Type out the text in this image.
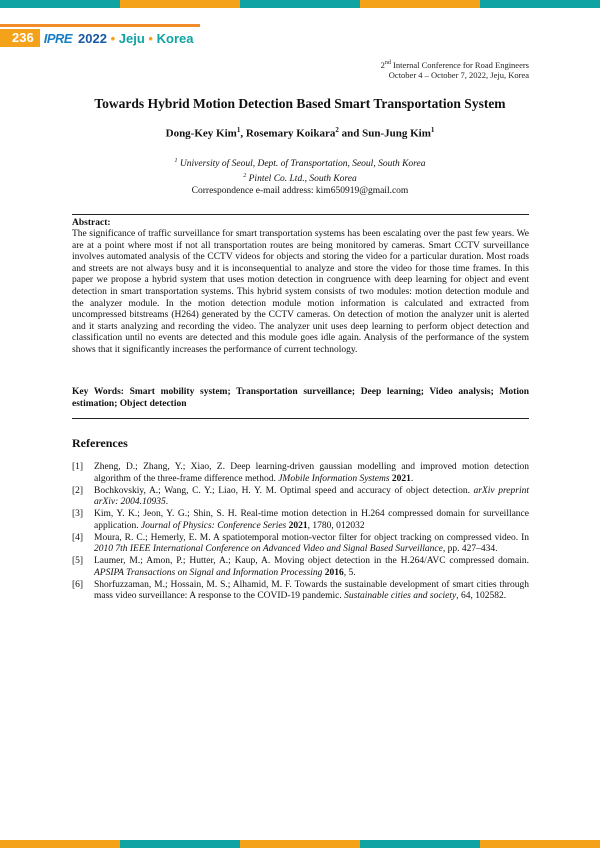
236 IPRE 2022 • Jeju • Korea
2nd Internal Conference for Road Engineers
October 4 – October 7, 2022, Jeju, Korea
Towards Hybrid Motion Detection Based Smart Transportation System
Dong-Key Kim$^1$, Rosemary Koikara$^2$ and Sun-Jung Kim$^1$
$^1$ University of Seoul, Dept. of Transportation, Seoul, South Korea
$^2$ Pintel Co. Ltd., South Korea
Correspondence e-mail address: kim650919@gmail.com
Abstract:
The significance of traffic surveillance for smart transportation systems has been escalating over the past few years. We are at a point where most if not all transportation routes are being monitored by cameras. Smart CCTV surveillance involves automated analysis of the CCTV videos for objects and storing the video for a particular duration. Most roads and streets are not always busy and it is inconsequential to analyze and store the video for those time frames. In this paper we propose a hybrid system that uses motion detection in congruence with deep learning for object and event detection in smart transportation systems. This hybrid system consists of two modules: motion detection module and the analyzer module. In the motion detection module motion information is calculated and extracted from uncompressed bitstreams (H264) generated by the CCTV cameras. On detection of motion the analyzer unit is alerted and it starts analyzing and recording the video. The analyzer unit uses deep learning to perform object detection and classification until no events are detected and this module goes idle again. Analysis of the performance of the system shows that it significantly increases the performance of current technology.
Key Words: Smart mobility system; Transportation surveillance; Deep learning; Video analysis; Motion estimation; Object detection
References
[1]	Zheng, D.; Zhang, Y.; Xiao, Z. Deep learning-driven gaussian modelling and improved motion detection algorithm of the three-frame difference method. JMobile Information Systems 2021.
[2]	Bochkovskiy, A.; Wang, C. Y.; Liao, H. Y. M. Optimal speed and accuracy of object detection. arXiv preprint arXiv: 2004.10935.
[3]	Kim, Y. K.; Jeon, Y. G.; Shin, S. H. Real-time motion detection in H.264 compressed domain for surveillance application. Journal of Physics: Conference Series 2021, 1780, 012032
[4]	Moura, R. C.; Hemerly, E. M. A spatiotemporal motion-vector filter for object tracking on compressed video. In 2010 7th IEEE International Conference on Advanced Video and Signal Based Surveillance, pp. 427–434.
[5]	Laumer, M.; Amon, P.; Hutter, A.; Kaup, A. Moving object detection in the H.264/AVC compressed domain. APSIPA Transactions on Signal and Information Processing 2016, 5.
[6]	Shorfuzzaman, M.; Hossain, M. S.; Alhamid, M. F. Towards the sustainable development of smart cities through mass video surveillance: A response to the COVID-19 pandemic. Sustainable cities and society, 64, 102582.
